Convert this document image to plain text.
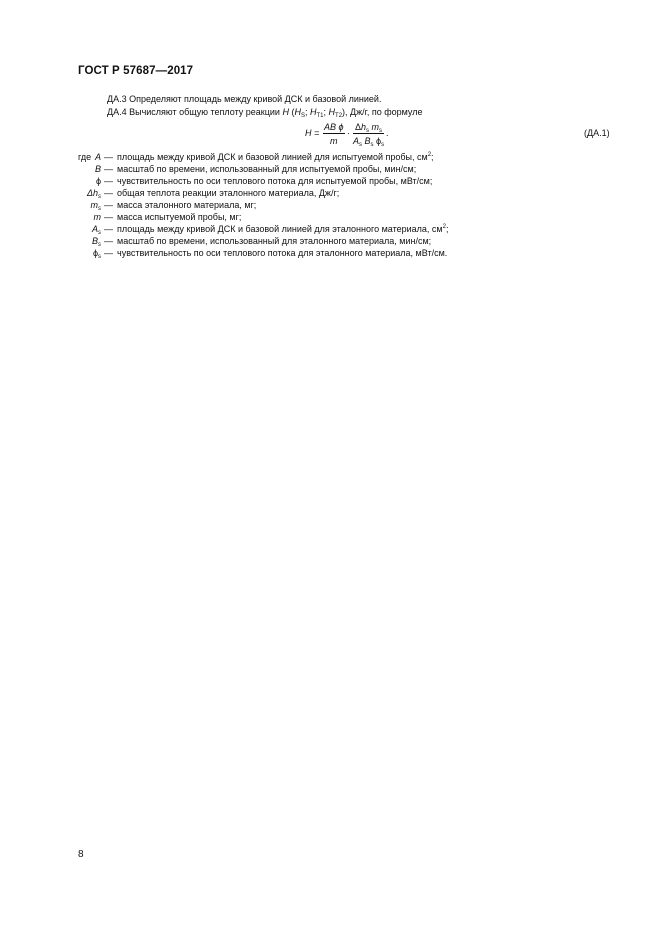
ГОСТ Р 57687—2017
ДА.3 Определяют площадь между кривой ДСК и базовой линией.
ДА.4 Вычисляют общую теплоту реакции H ($H_S$; $H_{T1}$; $H_{T2}$), Дж/г, по формуле
$H = \frac{\text{AB ϕ}}{m}$ ·
$\Delta h_s$ $m_s$
$A_s$ $B_s$ $\phi_s$
.	(ДА.1)
где A — площадь между кривой ДСК и базовой линией для испытуемой пробы, $см^2$;
B — масштаб по времени, использованный для испытуемой пробы, мин/см;
ϕ — чувствительность по оси теплового потока для испытуемой пробы, мВт/см;
$\Delta h_s$ — общая теплота реакции эталонного материала, Дж/г;
$m_s$ — масса эталонного материала, мг;
m — масса испытуемой пробы, мг;
$A_s$ — площадь между кривой ДСК и базовой линией для эталонного материала, $см^2$;
$B_s$ — масштаб по времени, использованный для эталонного материала, мин/см;
$\phi_s$ — чувствительность по оси теплового потока для эталонного материала, мВт/см.
8
